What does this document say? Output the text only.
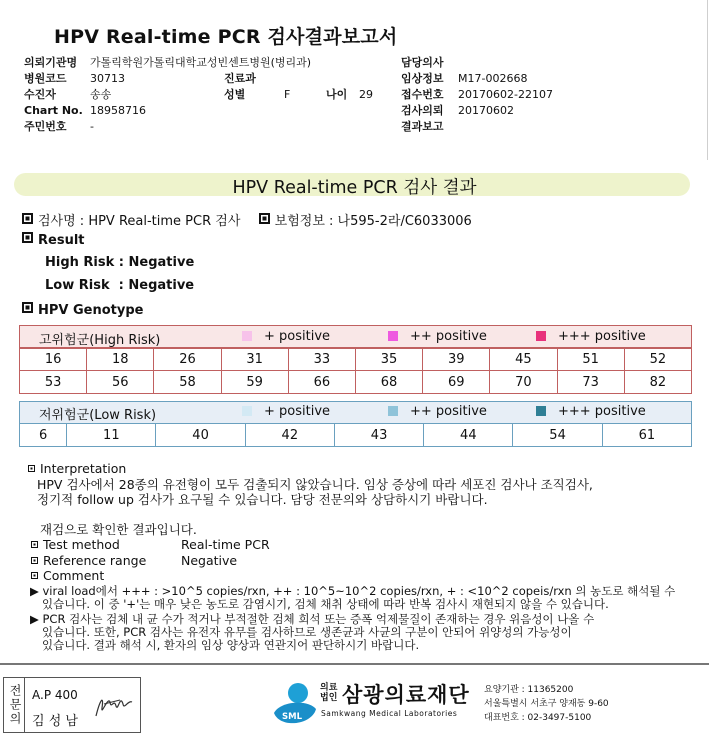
HPV Real-time PCR 검사결과보고서
의뢰기관명 가톨릭학원가톨릭대학교성빈센트병원(병리과)
병원코드 30713
수진자	송송
Chart No. 18958716
주민번호 -
진료과
성별	F	나이 29
담당의사
임상정보 M17-002668
접수번호 20170602-22107
검사의뢰 20170602
결과보고
HPV Real-time PCR 검사 결과
검사명 : HPV Real-time PCR 검사	보험정보 : 나595-2라/C6033006
Result
High Risk : Negative
Low Risk  : Negative
HPV Genotype
고위험군(High Risk)	+ positive	++ positive	+++ positive
16	18	26	31	33	35	39	45	51	52
53	56	58	59	66	68	69	70	73	82
저위험군(Low Risk)	+ positive	++ positive	+++ positive
6	11	40	42	43	44	54	61
Interpretation
HPV 검사에서 28종의 유전형이 모두 검출되지 않았습니다. 임상 증상에 따라 세포진 검사나 조직검사,
정기적 follow up 검사가 요구될 수 있습니다. 담당 전문의와 상담하시기 바랍니다.
재검으로 확인한 결과입니다.
Test method	Real-time PCR
Reference range	Negative
Comment
▶ viral load에서 +++ : >10^5 copies/rxn, ++ : 10^5~10^2 copies/rxn, + : <10^2 copeis/rxn 의 농도로 해석될 수
있습니다. 이 중 '+'는 매우 낮은 농도로 감염시기, 검체 채취 상태에 따라 반복 검사시 재현되지 않을 수 있습니다.
▶ PCR 검사는 검체 내 균 수가 적거나 부적절한 검체 희석 또는 증폭 억제물질이 존재하는 경우 위음성이 나올 수
있습니다. 또한, PCR 검사는 유전자 유무를 검사하므로 생존균과 사균의 구분이 안되어 위양성의 가능성이
있습니다. 결과 해석 시, 환자의 임상 양상과 연관지어 판단하시기 바랍니다.
전문의 A.P 400
김 성 남	SML
의료
법인 삼광의료재단
Samkwang Medical Laboratories
요양기관 : 11365200
서울특별시 서초구 양재동 9-60
대표번호 : 02-3497-5100
